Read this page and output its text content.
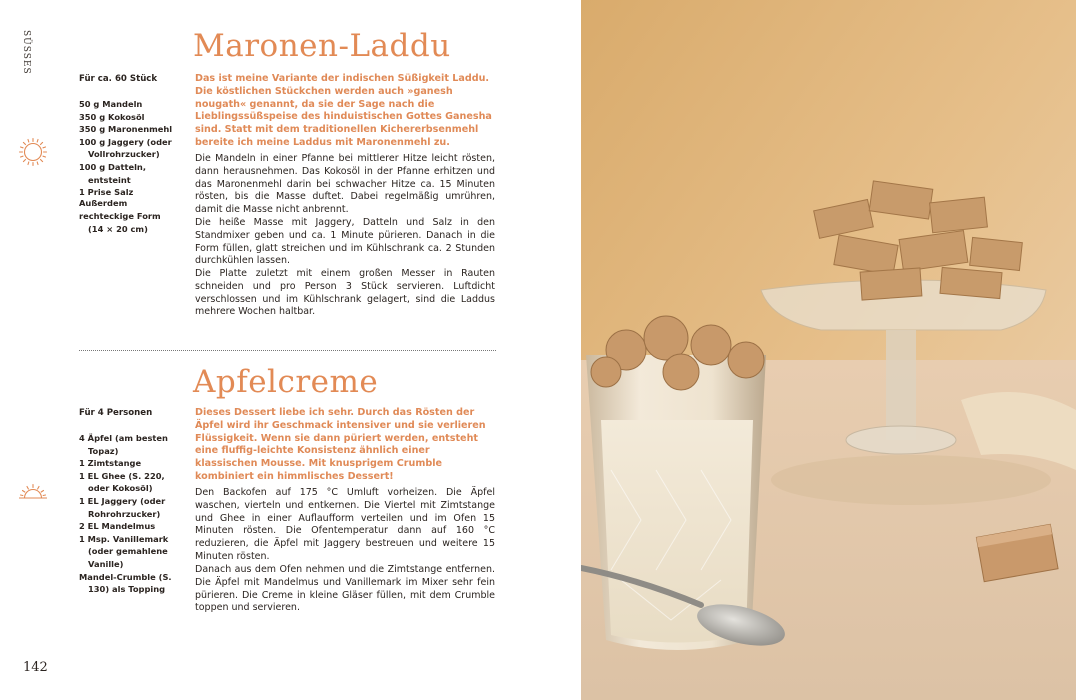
SÜSSES	Maronen-Laddu
Für ca. 60 Stück
50 g Mandeln
350 g Kokosöl
350 g Maronenmehl
100 g Jaggery (oder Vollrohrzucker)
100 g Datteln, entsteint
1 Prise Salz
Außerdem
rechteckige Form
(14 × 20 cm)

Das ist meine Variante der indischen Süßigkeit Laddu. Die köstlichen Stückchen werden auch »ganesh nougath« genannt, da sie der Sage nach die Lieblingssüßspeise des hinduistischen Gottes Ganesha sind. Statt mit dem traditionellen Kichererbsenmehl bereite ich meine Laddus mit Maronenmehl zu.

Die Mandeln in einer Pfanne bei mittlerer Hitze leicht rösten, dann herausnehmen. Das Kokosöl in der Pfanne erhitzen und das Maronenmehl darin bei schwacher Hitze ca. 15 Minuten rösten, bis die Masse duftet. Dabei regelmäßig umrühren, damit die Masse nicht anbrennt.

Die heiße Masse mit Jaggery, Datteln und Salz in den Standmixer geben und ca. 1 Minute pürieren. Danach in die Form füllen, glatt streichen und im Kühlschrank ca. 2 Stunden durchkühlen lassen.

Die Platte zuletzt mit einem großen Messer in Rauten schneiden und pro Person 3 Stück servieren. Luftdicht verschlossen und im Kühlschrank gelagert, sind die Laddus mehrere Wochen haltbar.

Apfelcreme
Für 4 Personen
4 Äpfel (am besten Topaz)
1 Zimtstange
1 EL Ghee (S. 220, oder Kokosöl)
1 EL Jaggery (oder Rohrohrzucker)
2 EL Mandelmus
1 Msp. Vanillemark (oder gemahlene Vanille)
Mandel-Crumble (S. 130) als Topping

Dieses Dessert liebe ich sehr. Durch das Rösten der Äpfel wird ihr Geschmack intensiver und sie verlieren Flüssigkeit. Wenn sie dann püriert werden, entsteht eine fluffig-leichte Konsistenz ähnlich einer klassischen Mousse. Mit knusprigem Crumble kombiniert ein himmlisches Dessert!

Den Backofen auf 175 °C Umluft vorheizen. Die Äpfel waschen, vierteln und entkernen. Die Viertel mit Zimtstange und Ghee in einer Auflaufform verteilen und im Ofen 15 Minuten rösten. Die Ofentemperatur dann auf 160 °C reduzieren, die Äpfel mit Jaggery bestreuen und weitere 15 Minuten rösten.

Danach aus dem Ofen nehmen und die Zimtstange entfernen. Die Äpfel mit Mandelmus und Vanillemark im Mixer sehr fein pürieren. Die Creme in kleine Gläser füllen, mit dem Crumble toppen und servieren.

142
